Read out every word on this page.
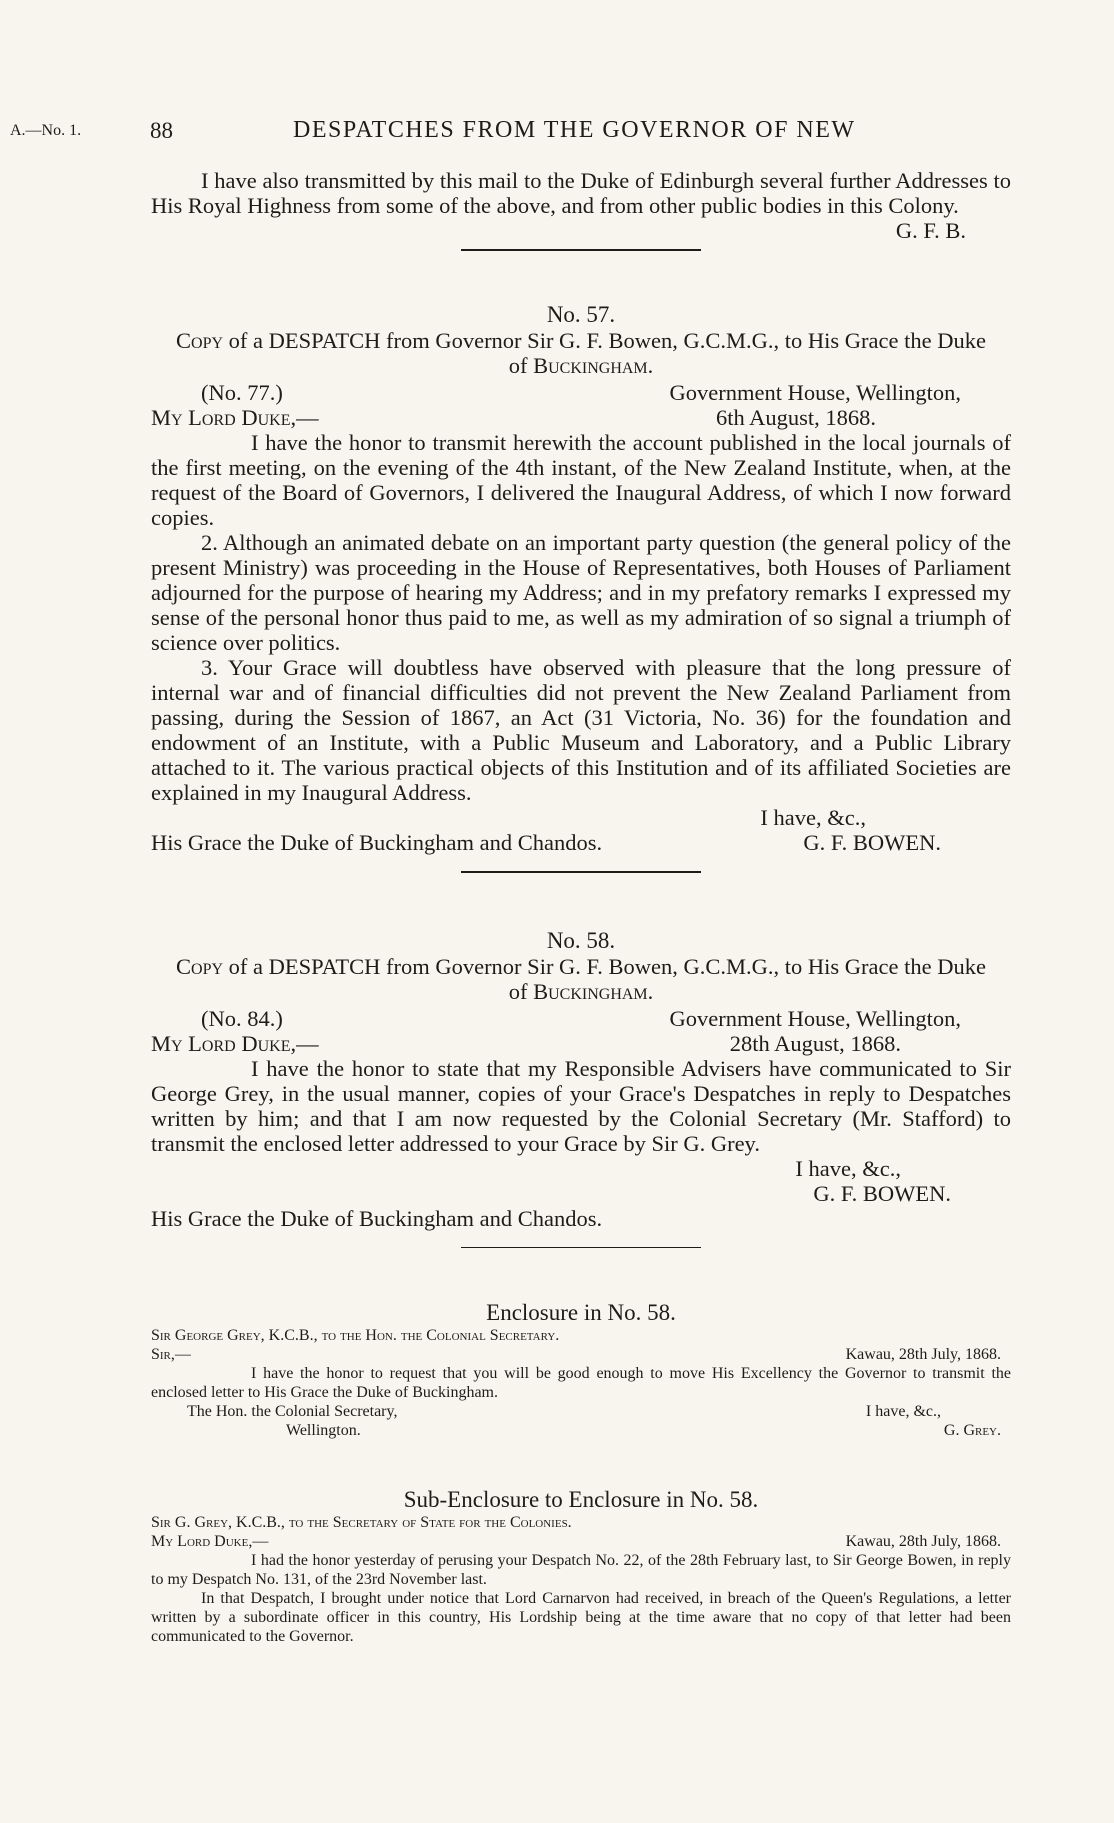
A.—No. 1.	88	DESPATCHES FROM THE GOVERNOR OF NEW

I have also transmitted by this mail to the Duke of Edinburgh several further Addresses to His Royal Highness from some of the above, and from other public bodies in this Colony.

G. F. B.

No. 57.

Copy of a DESPATCH from Governor Sir G. F. Bowen, G.C.M.G., to His Grace the Duke of Buckingham.

(No. 77.)	Government House, Wellington,
My Lord Duke,—	6th August, 1868.

I have the honor to transmit herewith the account published in the local journals of the first meeting, on the evening of the 4th instant, of the New Zealand Institute, when, at the request of the Board of Governors, I delivered the Inaugural Address, of which I now forward copies.

2. Although an animated debate on an important party question (the general policy of the present Ministry) was proceeding in the House of Representatives, both Houses of Parliament adjourned for the purpose of hearing my Address; and in my prefatory remarks I expressed my sense of the personal honor thus paid to me, as well as my admiration of so signal a triumph of science over politics.

3. Your Grace will doubtless have observed with pleasure that the long pressure of internal war and of financial difficulties did not prevent the New Zealand Parliament from passing, during the Session of 1867, an Act (31 Victoria, No. 36) for the foundation and endowment of an Institute, with a Public Museum and Laboratory, and a Public Library attached to it. The various practical objects of this Institution and of its affiliated Societies are explained in my Inaugural Address.

I have, &c.,

His Grace the Duke of Buckingham and Chandos.	G. F. BOWEN.

No. 58.

Copy of a DESPATCH from Governor Sir G. F. Bowen, G.C.M.G., to His Grace the Duke of Buckingham.

(No. 84.)	Government House, Wellington,
My Lord Duke,—	28th August, 1868.

I have the honor to state that my Responsible Advisers have communicated to Sir George Grey, in the usual manner, copies of your Grace's Despatches in reply to Despatches written by him; and that I am now requested by the Colonial Secretary (Mr. Stafford) to transmit the enclosed letter addressed to your Grace by Sir G. Grey.

I have, &c.,

G. F. BOWEN.

His Grace the Duke of Buckingham and Chandos.

Enclosure in No. 58.

Sir George Grey, K.C.B., to the Hon. the Colonial Secretary.

Sir,—	Kawau, 28th July, 1868.

I have the honor to request that you will be good enough to move His Excellency the Governor to transmit the enclosed letter to His Grace the Duke of Buckingham.

The Hon. the Colonial Secretary,	I have, &c.,
Wellington.	G. Grey.

Sub-Enclosure to Enclosure in No. 58.

Sir G. Grey, K.C.B., to the Secretary of State for the Colonies.

My Lord Duke,—	Kawau, 28th July, 1868.

I had the honor yesterday of perusing your Despatch No. 22, of the 28th February last, to Sir George Bowen, in reply to my Despatch No. 131, of the 23rd November last.

In that Despatch, I brought under notice that Lord Carnarvon had received, in breach of the Queen's Regulations, a letter written by a subordinate officer in this country, His Lordship being at the time aware that no copy of that letter had been communicated to the Governor.
